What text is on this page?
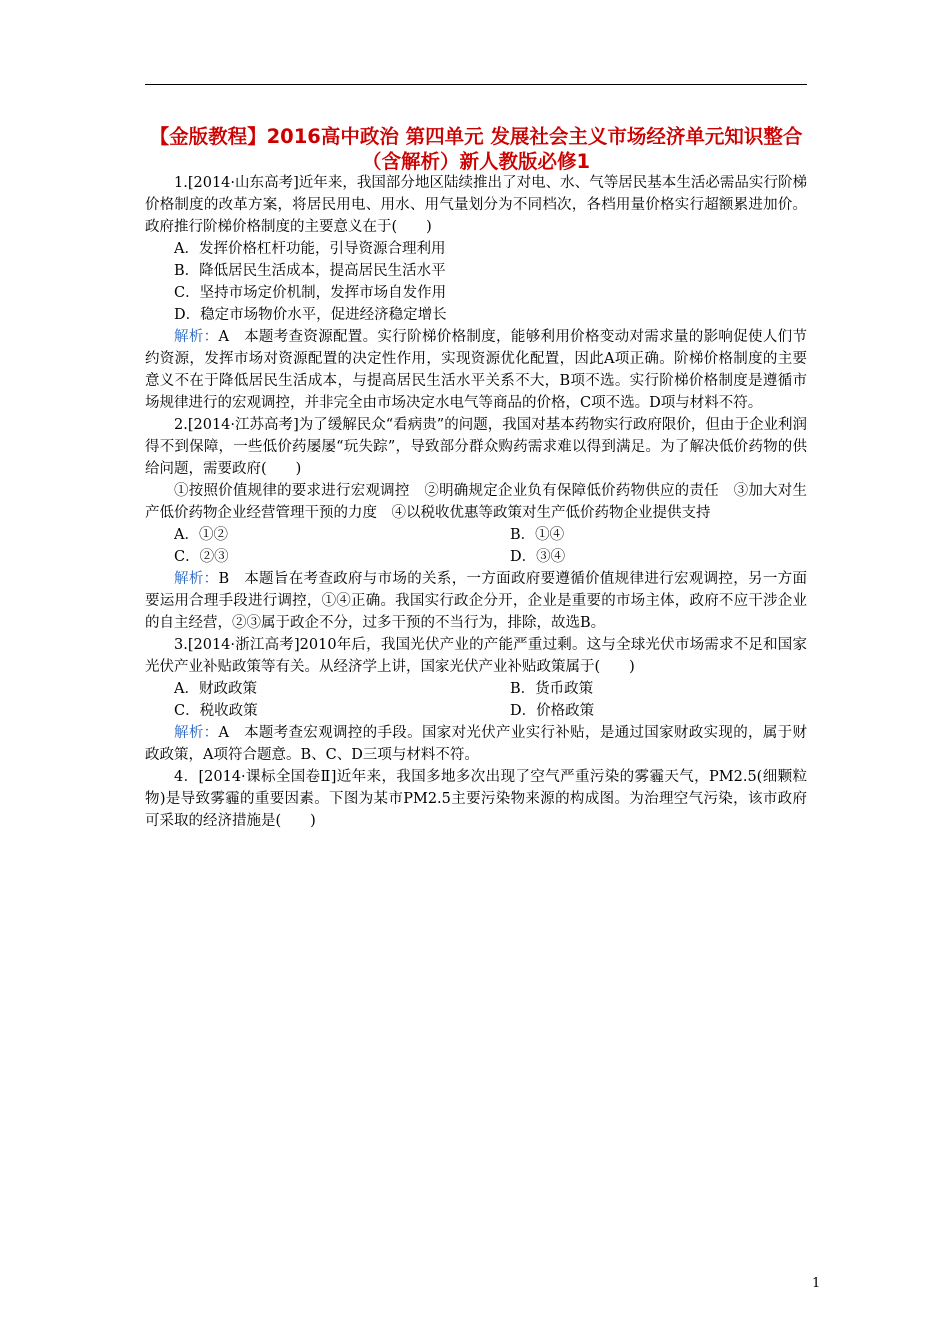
【金版教程】2016高中政治 第四单元 发展社会主义市场经济单元知识整合（含解析）新人教版必修1

1.[2014·山东高考]近年来，我国部分地区陆续推出了对电、水、气等居民基本生活必需品实行阶梯价格制度的改革方案，将居民用电、用水、用气量划分为不同档次，各档用量价格实行超额累进加价。政府推行阶梯价格制度的主要意义在于(　　)

A．发挥价格杠杆功能，引导资源合理利用

B．降低居民生活成本，提高居民生活水平

C．坚持市场定价机制，发挥市场自发作用

D．稳定市场物价水平，促进经济稳定增长

解析：A　本题考查资源配置。实行阶梯价格制度，能够利用价格变动对需求量的影响促使人们节约资源，发挥市场对资源配置的决定性作用，实现资源优化配置，因此A项正确。阶梯价格制度的主要意义不在于降低居民生活成本，与提高居民生活水平关系不大，B项不选。实行阶梯价格制度是遵循市场规律进行的宏观调控，并非完全由市场决定水电气等商品的价格，C项不选。D项与材料不符。

2.[2014·江苏高考]为了缓解民众“看病贵”的问题，我国对基本药物实行政府限价，但由于企业利润得不到保障，一些低价药屡屡“玩失踪”，导致部分群众购药需求难以得到满足。为了解决低价药物的供给问题，需要政府(　　)

①按照价值规律的要求进行宏观调控　②明确规定企业负有保障低价药物供应的责任　③加大对生产低价药物企业经营管理干预的力度　④以税收优惠等政策对生产低价药物企业提供支持

A．①②	B．①④
C．②③	D．③④

解析：B　本题旨在考查政府与市场的关系，一方面政府要遵循价值规律进行宏观调控，另一方面要运用合理手段进行调控，①④正确。我国实行政企分开，企业是重要的市场主体，政府不应干涉企业的自主经营，②③属于政企不分，过多干预的不当行为，排除，故选B。

3.[2014·浙江高考]2010年后，我国光伏产业的产能严重过剩。这与全球光伏市场需求不足和国家光伏产业补贴政策等有关。从经济学上讲，国家光伏产业补贴政策属于(　　)

A．财政政策	B．货币政策
C．税收政策	D．价格政策

解析：A　本题考查宏观调控的手段。国家对光伏产业实行补贴，是通过国家财政实现的，属于财政政策，A项符合题意。B、C、D三项与材料不符。

4．[2014·课标全国卷Ⅱ]近年来，我国多地多次出现了空气严重污染的雾霾天气，PM2.5(细颗粒物)是导致雾霾的重要因素。下图为某市PM2.5主要污染物来源的构成图。为治理空气污染，该市政府可采取的经济措施是(　　)

1
